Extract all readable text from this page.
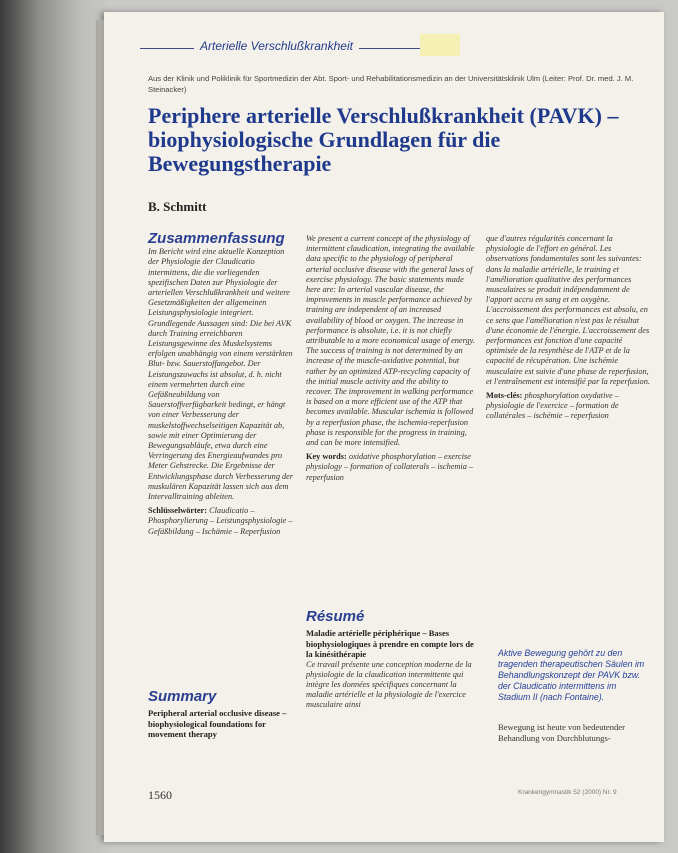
Arterielle Verschlußkrankheit
Aus der Klinik und Poliklinik für Sportmedizin der Abt. Sport- und Rehabilitationsmedizin an der Universitätsklinik Ulm (Leiter: Prof. Dr. med. J. M. Steinacker)
Periphere arterielle Verschlußkrankheit (PAVK) – biophysiologische Grundlagen für die Bewegungstherapie
B. Schmitt
Zusammenfassung
Im Bericht wird eine aktuelle Konzeption der Physiologie der Claudicatio intermittens, die die vorliegenden spezifischen Daten zur Physiologie der arteriellen Verschlußkrankheit und weitere Gesetzmäßigkeiten der allgemeinen Leistungsphysiologie integriert. Grundlegende Aussagen sind: Die bei AVK durch Training erreichbaren Leistungsgewinne des Muskelsystems erfolgen unabhängig von einem verstärkten Blut- bzw. Sauerstoffangebot. Der Leistungszuwachs ist absolut, d. h. nicht einem vermehrten durch eine Gefäßneubildung von Sauerstoffverfügbarkeit bedingt, er hängt von einer Verbesserung der muskelstoffwechselseitigen Kapazität ab, sowie mit einer Optimierung der Bewegungsabläufe, etwa durch eine Verringerung des Energieaufwandes pro Meter Gehstrecke. Die Ergebnisse der Entwicklungsphase durch Verbesserung der muskulären Kapazität lassen sich aus dem Intervalltraining ableiten.
Schlüsselwörter: Claudicatio – Phosphorylierung – Leistungsphysiologie – Gefäßbildung – Ischämie – Reperfusion
We present a current concept of the physiology of intermittent claudication, integrating the available data specific to the physiology of peripheral arterial occlusive disease with the general laws of exercise physiology. The basic statements made here are: In arterial vascular disease, the improvements in muscle performance achieved by training are independent of an increased availability of blood or oxygen. The increase in performance is absolute, i.e. it is not chiefly attributable to a more economical usage of energy. The success of training is not determined by an increase of the muscle-oxidative potential, but rather by an optimized ATP-recycling capacity of the initial muscle activity and the ability to recover. The improvement in walking performance is based on a more efficient use of the ATP that becomes available. Muscular ischemia is followed by a reperfusion phase, the ischemia-reperfusion phase is responsible for the progress in training, and can be more intensified.
Key words: oxidative phosphorylation – exercise physiology – formation of collaterals – ischemia – reperfusion
que d'autres régularités concernant la physiologie de l'effort en général. Les observations fondamentales sont les suivantes: dans la maladie artérielle, le training et l'amélioration qualitative des performances musculaires se produit indépendamment de l'apport accru en sang et en oxygène. L'accroissement des performances est absolu, en ce sens que l'amélioration n'est pas le résultat d'une économie de l'énergie. L'accroissement des performances est fonction d'une capacité optimisée de la resynthèse de l'ATP et de la capacité de récupération. Une ischémie musculaire est suivie d'une phase de reperfusion, et l'entraînement est intensifié par la reperfusion.
Mots-clés: phosphorylation oxydative – physiologie de l'exercice – formation de collatérales – ischémie – reperfusion
Résumé
Maladie artérielle périphérique – Bases biophysiologiques à prendre en compte lors de la kinésithérapie
Ce travail présente une conception moderne de la physiologie de la claudication intermittente qui intègre les données spécifiques concernant la maladie artérielle et la physiologie de l'exercice musculaire ainsi
Summary
Peripheral arterial occlusive disease – biophysiological foundations for movement therapy
Aktive Bewegung gehört zu den tragenden therapeutischen Säulen im Behandlungskonzept der PAVK bzw. der Claudicatio intermittens im Stadium II (nach Fontaine).
Bewegung ist heute von bedeutender Behandlung von Durchblutungs-
1560	Krankengymnastik 52 (2000) Nr. 9
